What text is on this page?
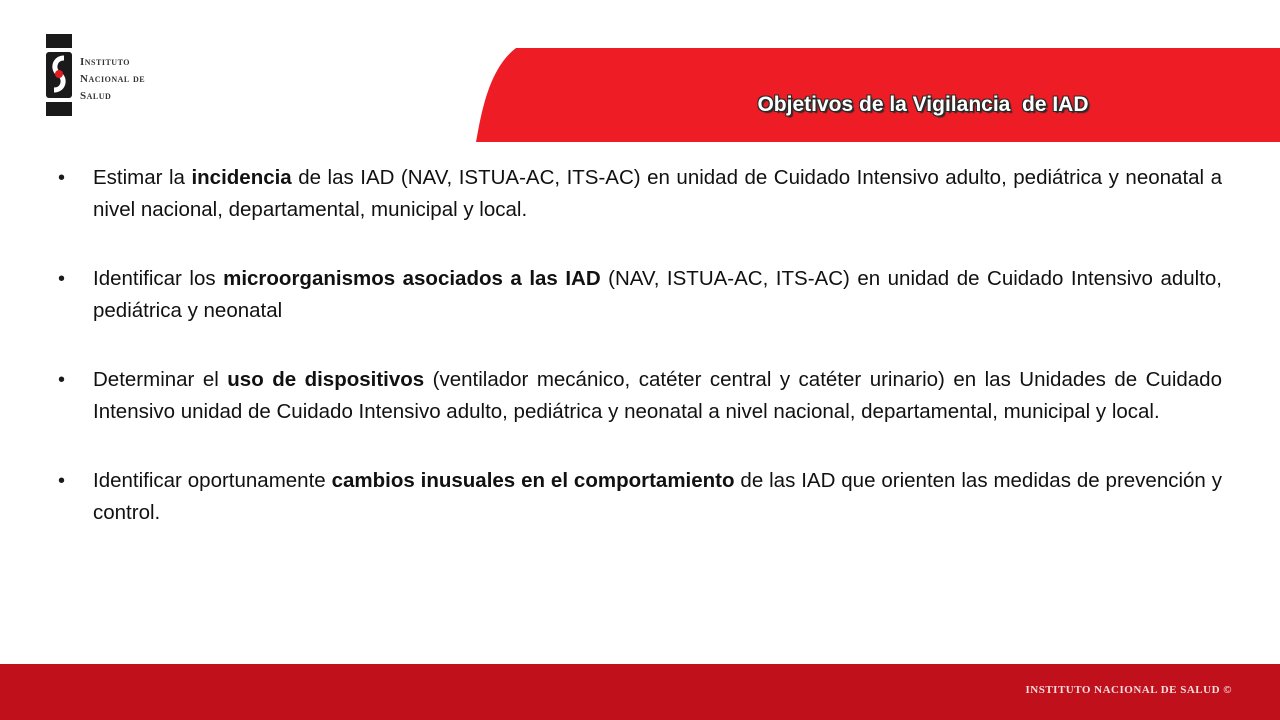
Instituto
Nacional de
Salud	Objetivos de la Vigilancia  de IAD
• Estimar la incidencia de las IAD (NAV, ISTUA-AC, ITS-AC) en unidad de Cuidado Intensivo adulto, pediátrica y neonatal a nivel nacional, departamental, municipal y local.
• Identificar los microorganismos asociados a las IAD (NAV, ISTUA-AC, ITS-AC) en unidad de Cuidado Intensivo adulto, pediátrica y neonatal
• Determinar el uso de dispositivos (ventilador mecánico, catéter central y catéter urinario) en las Unidades de Cuidado Intensivo unidad de Cuidado Intensivo adulto, pediátrica y neonatal a nivel nacional, departamental, municipal y local.
• Identificar oportunamente cambios inusuales en el comportamiento de las IAD que orienten las medidas de prevención y control.
INSTITUTO NACIONAL DE SALUD ©
